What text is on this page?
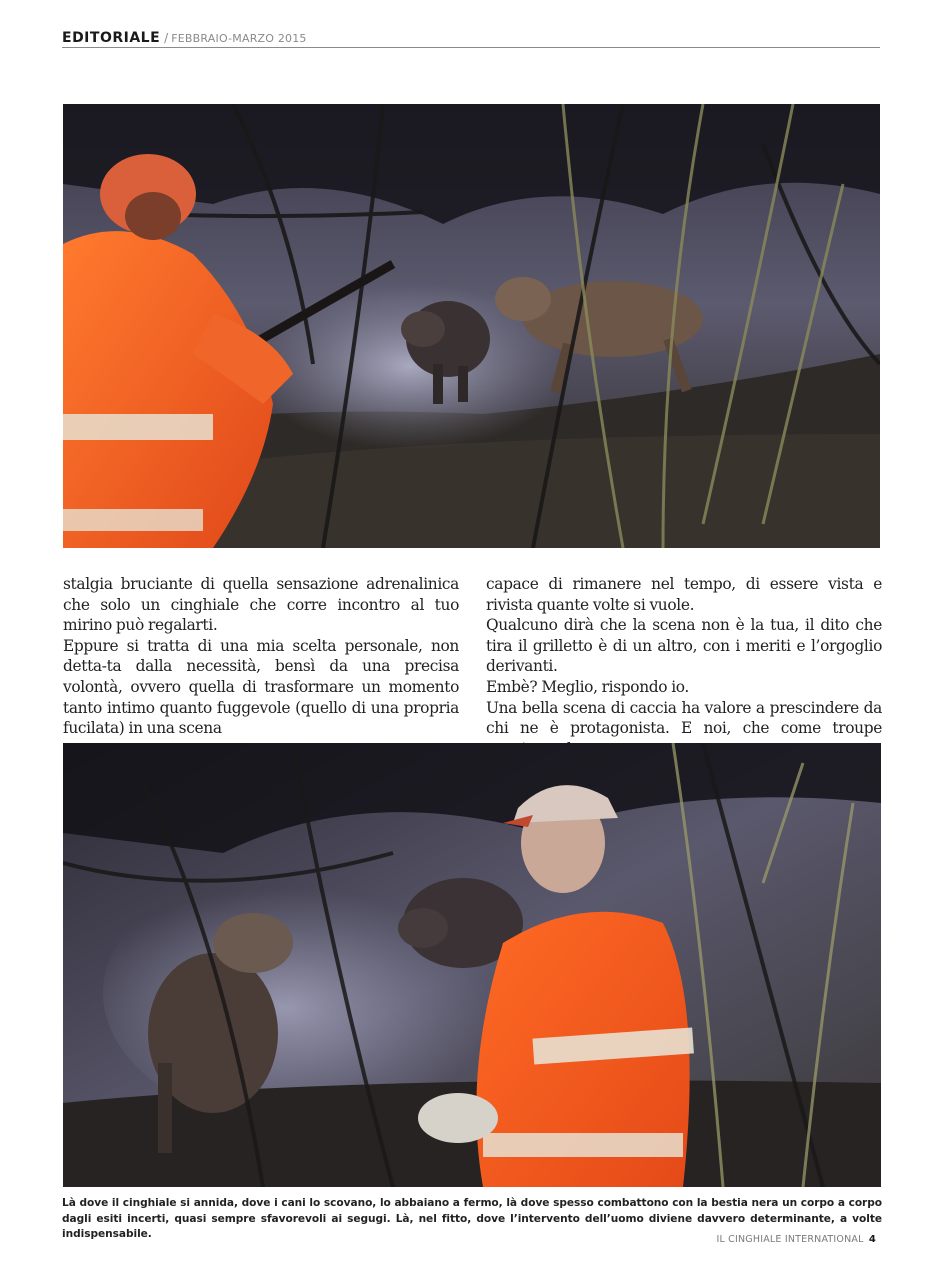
EDITORIALE / FEBBRAIO-MARZO 2015

stalgia bruciante di quella sensazione adrenalinica che solo un cinghiale che corre incontro al tuo mirino può regalarti.

Eppure si tratta di una mia scelta personale, non detta-ta dalla necessità, bensì da una precisa volontà, ovvero quella di trasformare un momento tanto intimo quanto fuggevole (quello di una propria fucilata) in una scena

capace di rimanere nel tempo, di essere vista e rivista quante volte si vuole.

Qualcuno dirà che la scena non è la tua, il dito che tira il grilletto è di un altro, con i meriti e l’orgoglio derivanti.

Embè? Meglio, rispondo io.

Una bella scena di caccia ha valore a prescindere da chi ne è protagonista. E noi, che come troupe

Là dove il cinghiale si annida, dove i cani lo scovano, lo abbaiano a fermo, là dove spesso combattono con la bestia nera un corpo a corpo dagli esiti incerti, quasi sempre sfavorevoli ai segugi. Là, nel fitto, dove l’intervento dell’uomo diviene davvero determinante, a volte indispensabile.	IL CINGHIALE INTERNATIONAL 4
